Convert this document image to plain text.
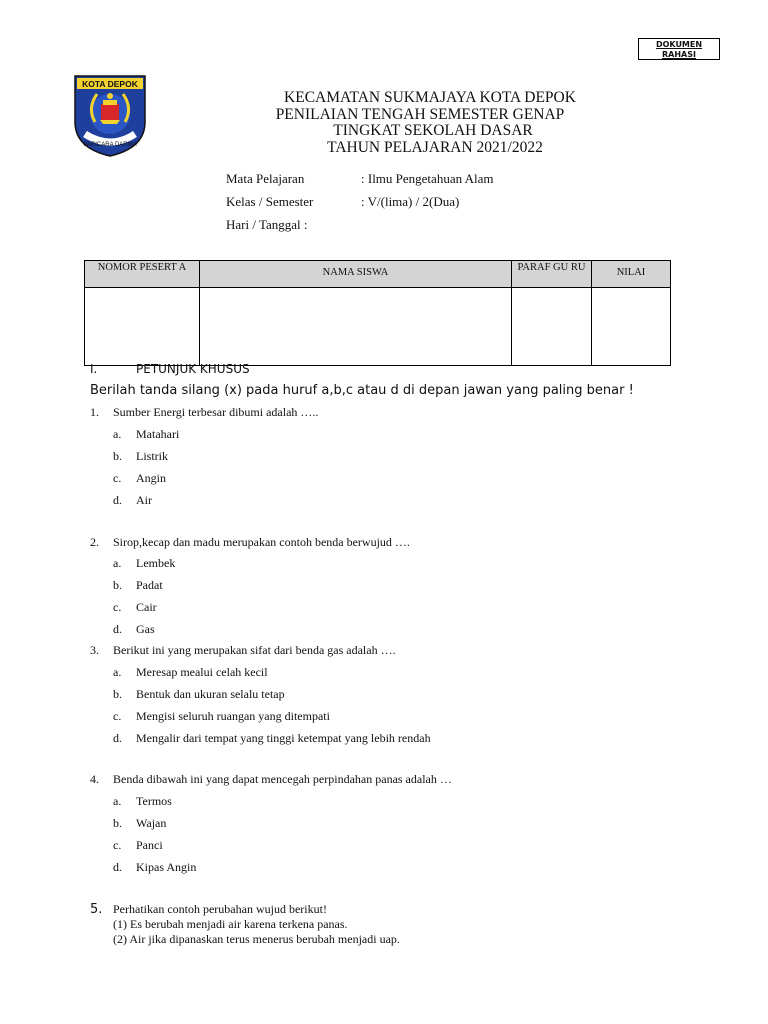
DOKUMEN
RAHASI
KOTA DEPOK
PARICARA DARMA
KECAMATAN SUKMAJAYA KOTA DEPOK
PENILAIAN TENGAH SEMESTER GENAP
TINGKAT SEKOLAH DASAR
TAHUN PELAJARAN 2021/2022
Mata Pelajaran	: Ilmu Pengetahuan Alam
Kelas / Semester	: V/(lima) / 2(Dua)
Hari / Tanggal :
NOMOR PESERT A	NAMA SISWA	PARAF GU RU	NILAI

I.	PETUNJUK KHUSUS
Berilah tanda silang (x) pada huruf a,b,c atau d di depan jawan yang paling benar !
1. Sumber Energi terbesar dibumi adalah …..
a. Matahari
b. Listrik
c. Angin
d. Air
2. Sirop,kecap dan madu merupakan contoh benda berwujud ….
a. Lembek
b. Padat
c. Cair
d. Gas
3. Berikut ini yang merupakan sifat dari benda gas adalah ….
a. Meresap mealui celah kecil
b. Bentuk dan ukuran selalu tetap
c. Mengisi seluruh ruangan yang ditempati
d. Mengalir dari tempat yang tinggi ketempat yang lebih rendah
4. Benda dibawah ini yang dapat mencegah perpindahan panas adalah …
a. Termos
b. Wajan
c. Panci
d. Kipas Angin
5. Perhatikan contoh perubahan wujud berikut!
(1) Es berubah menjadi air karena terkena panas.
(2) Air jika dipanaskan terus menerus berubah menjadi uap.
